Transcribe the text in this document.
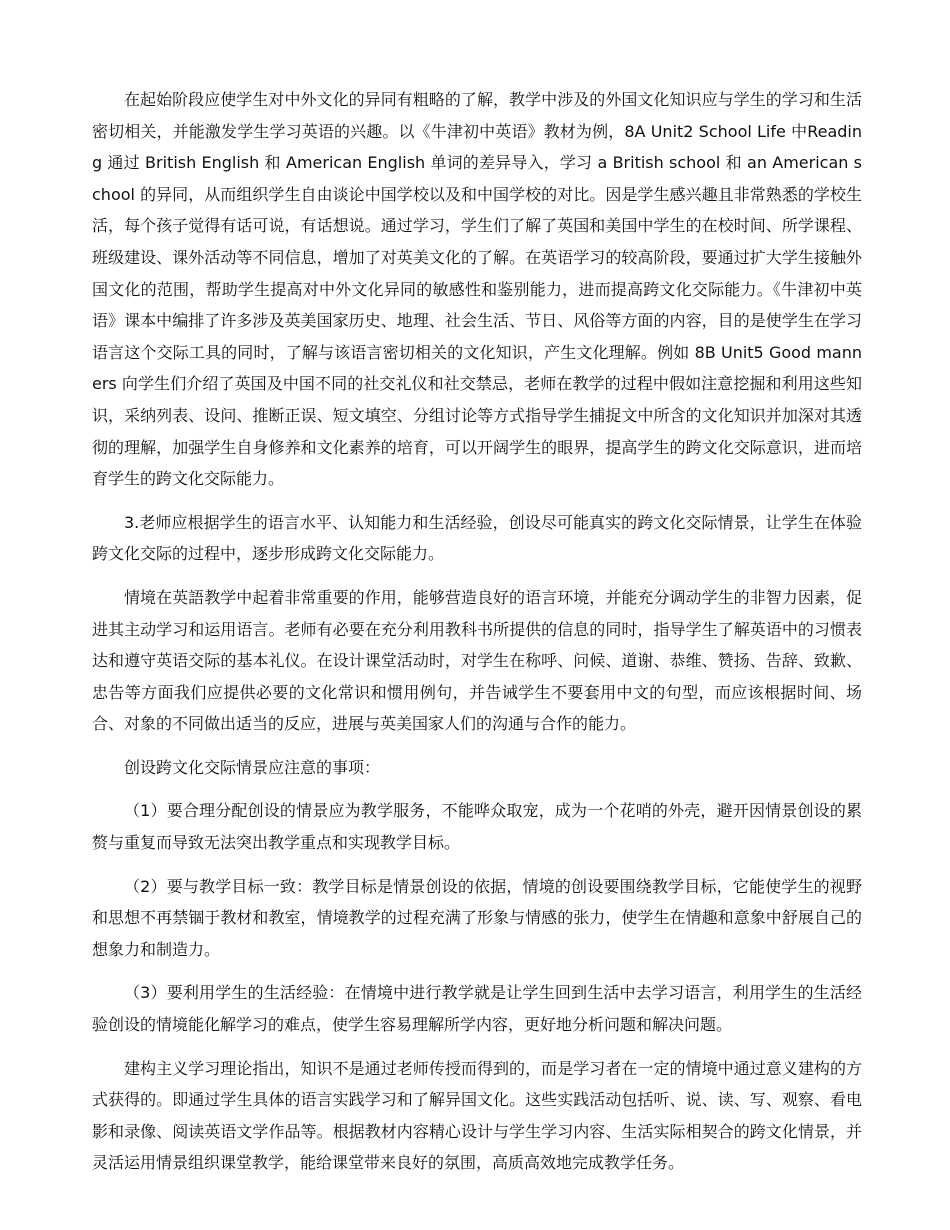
在起始阶段应使学生对中外文化的异同有粗略的了解，教学中涉及的外国文化知识应与学生的学习和生活密切相关，并能激发学生学习英语的兴趣。以《牛津初中英语》教材为例，8A Unit2 School Life 中Reading 通过 British English 和 American English 单词的差异导入，学习 a British school 和 an American school 的异同，从而组织学生自由谈论中国学校以及和中国学校的对比。因是学生感兴趣且非常熟悉的学校生活，每个孩子觉得有话可说，有话想说。通过学习，学生们了解了英国和美国中学生的在校时间、所学课程、班级建设、课外活动等不同信息，增加了对英美文化的了解。在英语学习的较高阶段，要通过扩大学生接触外国文化的范围，帮助学生提高对中外文化异同的敏感性和鉴别能力，进而提高跨文化交际能力。《牛津初中英语》课本中编排了许多涉及英美国家历史、地理、社会生活、节日、风俗等方面的内容，目的是使学生在学习语言这个交际工具的同时，了解与该语言密切相关的文化知识，产生文化理解。例如 8B Unit5 Good manners 向学生们介绍了英国及中国不同的社交礼仪和社交禁忌，老师在教学的过程中假如注意挖掘和利用这些知识，采纳列表、设问、推断正误、短文填空、分组讨论等方式指导学生捕捉文中所含的文化知识并加深对其透彻的理解，加强学生自身修养和文化素养的培育，可以开阔学生的眼界，提高学生的跨文化交际意识，进而培育学生的跨文化交际能力。

3.老师应根据学生的语言水平、认知能力和生活经验，创设尽可能真实的跨文化交际情景，让学生在体验跨文化交际的过程中，逐步形成跨文化交际能力。

情境在英語教学中起着非常重要的作用，能够营造良好的语言环境，并能充分调动学生的非智力因素，促进其主动学习和运用语言。老师有必要在充分利用教科书所提供的信息的同时，指导学生了解英语中的习惯表达和遵守英语交际的基本礼仪。在设计课堂活动时，对学生在称呼、问候、道谢、恭维、赞扬、告辞、致歉、忠告等方面我们应提供必要的文化常识和惯用例句，并告诫学生不要套用中文的句型，而应该根据时间、场合、对象的不同做出适当的反应，进展与英美国家人们的沟通与合作的能力。

创设跨文化交际情景应注意的事项：

（1）要合理分配创设的情景应为教学服务，不能哗众取宠，成为一个花哨的外壳，避开因情景创设的累赘与重复而导致无法突出教学重点和实现教学目标。

（2）要与教学目标一致：教学目标是情景创设的依据，情境的创设要围绕教学目标，它能使学生的视野和思想不再禁锢于教材和教室，情境教学的过程充满了形象与情感的张力，使学生在情趣和意象中舒展自己的想象力和制造力。

（3）要利用学生的生活经验：在情境中进行教学就是让学生回到生活中去学习语言，利用学生的生活经验创设的情境能化解学习的难点，使学生容易理解所学内容，更好地分析问题和解决问题。

建构主义学习理论指出，知识不是通过老师传授而得到的，而是学习者在一定的情境中通过意义建构的方式获得的。即通过学生具体的语言实践学习和了解异国文化。这些实践活动包括听、说、读、写、观察、看电影和录像、阅读英语文学作品等。根据教材内容精心设计与学生学习内容、生活实际相契合的跨文化情景，并灵活运用情景组织课堂教学，能给课堂带来良好的氛围，高质高效地完成教学任务。
